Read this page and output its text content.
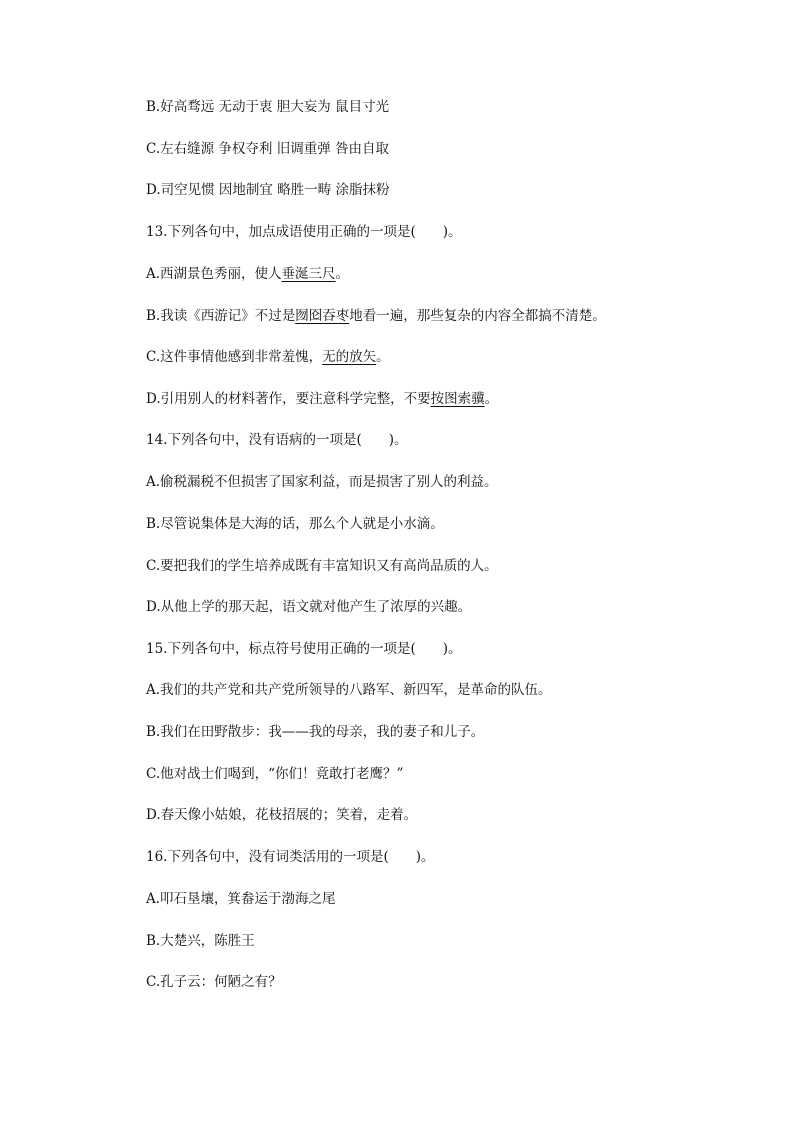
B.好高骛远 无动于衷 胆大妄为 鼠目寸光
C.左右缝源 争权夺利 旧调重弹 咎由自取
D.司空见惯 因地制宜 略胜一畴 涂脂抹粉
13.下列各句中，加点成语使用正确的一项是(　　)。
A.西湖景色秀丽，使人垂涎三尺。
B.我读《西游记》不过是囫囵吞枣地看一遍，那些复杂的内容全都搞不清楚。
C.这件事情他感到非常羞愧，无的放矢。
D.引用别人的材料著作，要注意科学完整，不要按图索骥。
14.下列各句中，没有语病的一项是(　　)。
A.偷税漏税不但损害了国家利益，而是损害了别人的利益。
B.尽管说集体是大海的话，那么个人就是小水滴。
C.要把我们的学生培养成既有丰富知识又有高尚品质的人。
D.从他上学的那天起，语文就对他产生了浓厚的兴趣。
15.下列各句中，标点符号使用正确的一项是(　　)。
A.我们的共产党和共产党所领导的八路军、新四军，是革命的队伍。
B.我们在田野散步：我——我的母亲，我的妻子和儿子。
C.他对战士们喝到，“你们！竟敢打老鹰？”
D.春天像小姑娘，花枝招展的；笑着，走着。
16.下列各句中，没有词类活用的一项是(　　)。
A.叩石垦壤，箕畚运于渤海之尾
B.大楚兴，陈胜王
C.孔子云：何陋之有？
